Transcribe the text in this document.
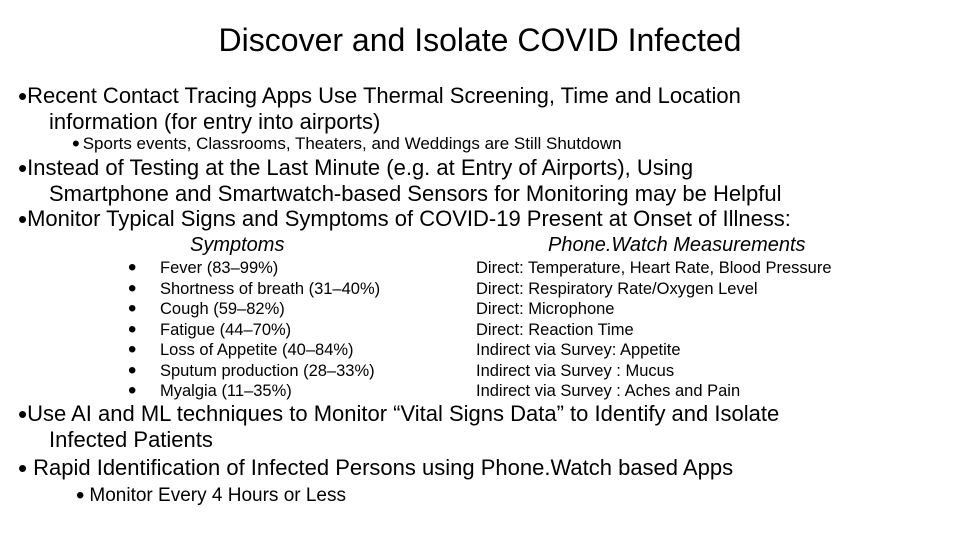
Discover and Isolate COVID Infected
•Recent Contact Tracing Apps Use Thermal Screening, Time and Location
information (for entry into airports)
• Sports events, Classrooms, Theaters, and Weddings are Still Shutdown
•Instead of Testing at the Last Minute (e.g. at Entry of Airports), Using
Smartphone and Smartwatch-based Sensors for Monitoring may be Helpful
•Monitor Typical Signs and Symptoms of COVID-19 Present at Onset of Illness:
Symptoms	Phone.Watch Measurements
•
•
•
•
•
•
•
Fever (83–99%)
Shortness of breath (31–40%)
Cough (59–82%)
Fatigue (44–70%)
Loss of Appetite (40–84%)
Sputum production (28–33%)
Myalgia (11–35%)
Direct: Temperature, Heart Rate, Blood Pressure
Direct: Respiratory Rate/Oxygen Level
Direct: Microphone
Direct: Reaction Time
Indirect via Survey: Appetite
Indirect via Survey : Mucus
Indirect via Survey : Aches and Pain
•Use AI and ML techniques to Monitor “Vital Signs Data” to Identify and Isolate
Infected Patients
• Rapid Identification of Infected Persons using Phone.Watch based Apps
• Monitor Every 4 Hours or Less
